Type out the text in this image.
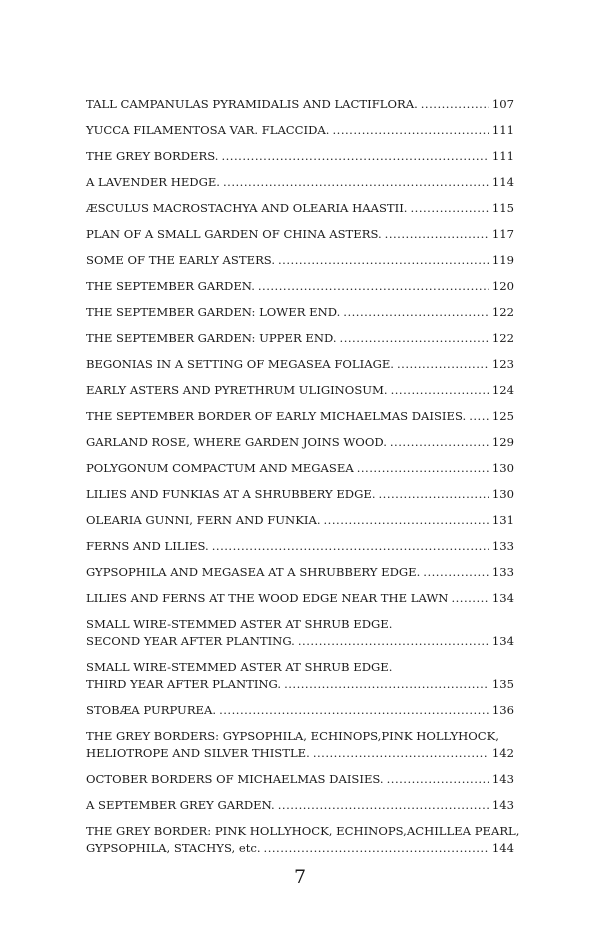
TALL CAMPANULAS PYRAMIDALIS AND LACTIFLORA. . . .	107
YUCCA FILAMENTOSA VAR. FLACCIDA. . . .	111
THE GREY BORDERS. . . .	111
A LAVENDER HEDGE. . . .	114
ÆSCULUS MACROSTACHYA AND OLEARIA HAASTII. . . .	115
PLAN OF A SMALL GARDEN OF CHINA ASTERS. . . .	117
SOME OF THE EARLY ASTERS. . . .	119
THE SEPTEMBER GARDEN. . . .	120
THE SEPTEMBER GARDEN: LOWER END. . . .	122
THE SEPTEMBER GARDEN: UPPER END. . . .	122
BEGONIAS IN A SETTING OF MEGASEA FOLIAGE. . . .	123
EARLY ASTERS AND PYRETHRUM ULIGINOSUM. . . .	124
THE SEPTEMBER BORDER OF EARLY MICHAELMAS DAISIES. . . . 125
GARLAND ROSE, WHERE GARDEN JOINS WOOD. . . .	129
POLYGONUM COMPACTUM AND MEGASEA . . .	130
LILIES AND FUNKIAS AT A SHRUBBERY EDGE. . . .	130
OLEARIA GUNNI, FERN AND FUNKIA. . . .	131
FERNS AND LILIES. . . .	133
GYPSOPHILA AND MEGASEA AT A SHRUBBERY EDGE. . . .	133
LILIES AND FERNS AT THE WOOD EDGE NEAR THE LAWN . . .	134
SMALL WIRE-STEMMED ASTER AT SHRUB EDGE.
SECOND YEAR AFTER PLANTING. . . .	134
SMALL WIRE-STEMMED ASTER AT SHRUB EDGE.
THIRD YEAR AFTER PLANTING. . . .	135
STOBÆA PURPUREA. . . .	136
THE GREY BORDERS: GYPSOPHILA, ECHINOPS,PINK HOLLYHOCK,
HELIOTROPE AND SILVER THISTLE. . . .	142
OCTOBER BORDERS OF MICHAELMAS DAISIES. . . .	143
A SEPTEMBER GREY GARDEN. . . .	143
THE GREY BORDER: PINK HOLLYHOCK, ECHINOPS,ACHILLEA PEARL,
GYPSOPHILA, STACHYS, etc. . . .	144
7
